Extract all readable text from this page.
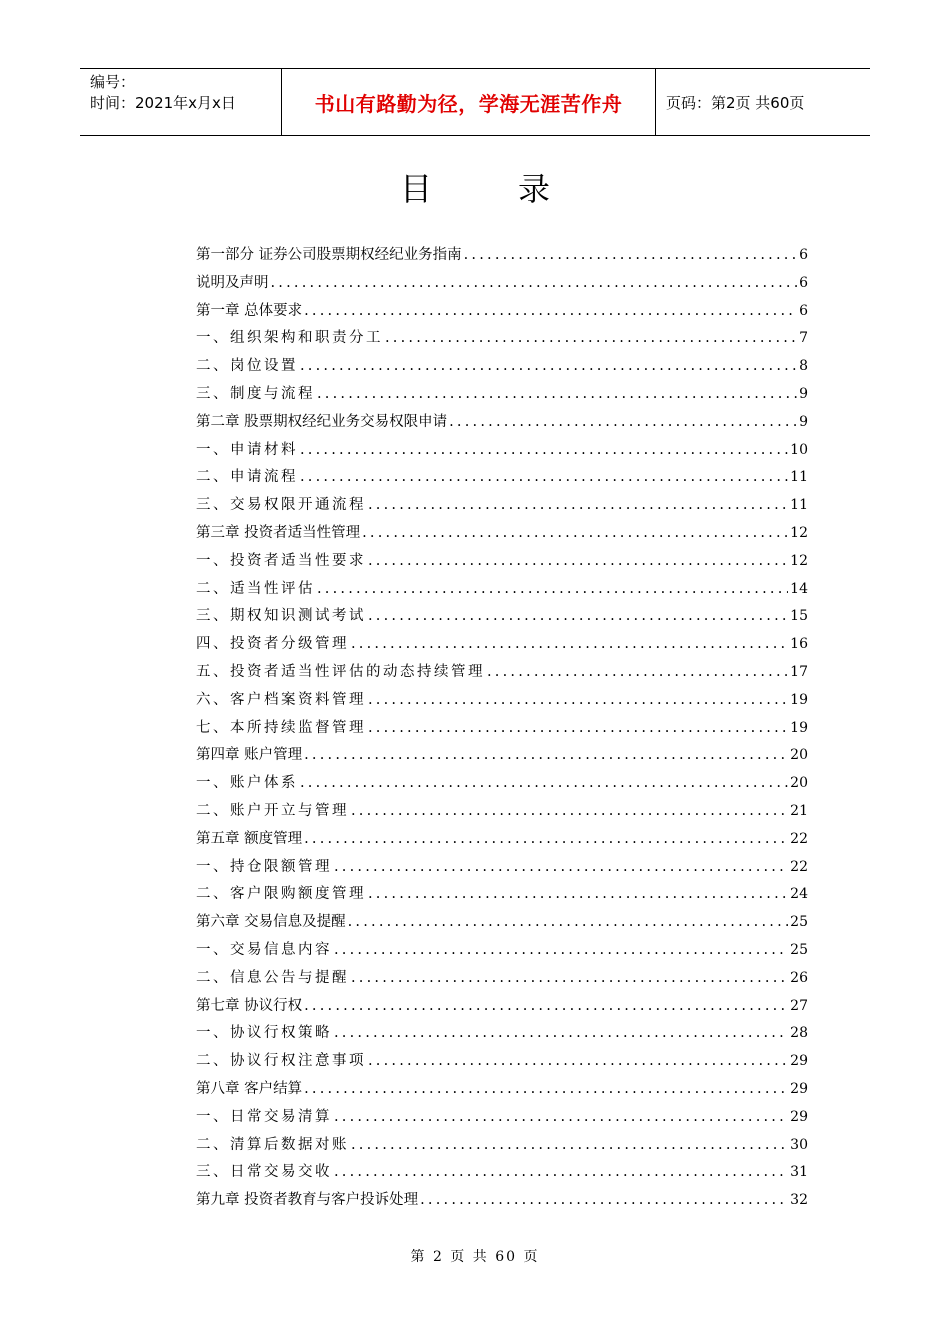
编号：
时间：2021年x月x日	书山有路勤为径，学海无涯苦作舟	页码：第2页 共60页
目	录
第一部分 证券公司股票期权经纪业务指南 .....	6
说明及声明 .....	6
第一章 总体要求 .....	6
一、组织架构和职责分工 .....	7
二、岗位设置 .....	8
三、制度与流程 .....	9
第二章 股票期权经纪业务交易权限申请 .....	9
一、申请材料 .....	10
二、申请流程 .....	11
三、交易权限开通流程 .....	11
第三章 投资者适当性管理 .....	12
一、投资者适当性要求 .....	12
二、适当性评估 .....	14
三、期权知识测试考试 .....	15
四、投资者分级管理 .....	16
五、投资者适当性评估的动态持续管理 .....	17
六、客户档案资料管理 .....	19
七、本所持续监督管理 .....	19
第四章 账户管理 .....	20
一、账户体系 .....	20
二、账户开立与管理 .....	21
第五章 额度管理 .....	22
一、持仓限额管理 .....	22
二、客户限购额度管理 .....	24
第六章 交易信息及提醒 .....	25
一、交易信息内容 .....	25
二、信息公告与提醒 .....	26
第七章 协议行权 .....	27
一、协议行权策略 .....	28
二、协议行权注意事项 .....	29
第八章 客户结算 .....	29
一、日常交易清算 .....	29
二、清算后数据对账 .....	30
三、日常交易交收 .....	31
第九章 投资者教育与客户投诉处理 .....	32
第 2 页 共 60 页
